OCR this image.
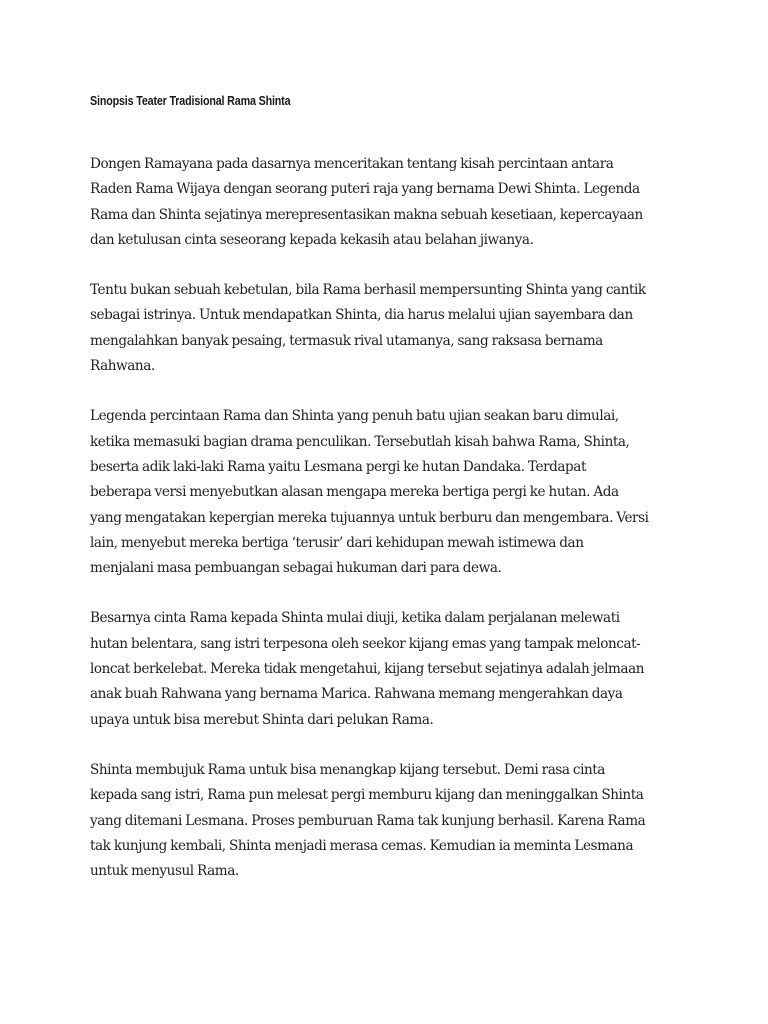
Sinopsis Teater Tradisional Rama Shinta

Dongen Ramayana pada dasarnya menceritakan tentang kisah percintaan antara
Raden Rama Wijaya dengan seorang puteri raja yang bernama Dewi Shinta. Legenda
Rama dan Shinta sejatinya merepresentasikan makna sebuah kesetiaan, kepercayaan
dan ketulusan cinta seseorang kepada kekasih atau belahan jiwanya.

Tentu bukan sebuah kebetulan, bila Rama berhasil mempersunting Shinta yang cantik
sebagai istrinya. Untuk mendapatkan Shinta, dia harus melalui ujian sayembara dan
mengalahkan banyak pesaing, termasuk rival utamanya, sang raksasa bernama
Rahwana.

Legenda percintaan Rama dan Shinta yang penuh batu ujian seakan baru dimulai,
ketika memasuki bagian drama penculikan. Tersebutlah kisah bahwa Rama, Shinta,
beserta adik laki-laki Rama yaitu Lesmana pergi ke hutan Dandaka. Terdapat
beberapa versi menyebutkan alasan mengapa mereka bertiga pergi ke hutan. Ada
yang mengatakan kepergian mereka tujuannya untuk berburu dan mengembara. Versi
lain, menyebut mereka bertiga ‘terusir’ dari kehidupan mewah istimewa dan
menjalani masa pembuangan sebagai hukuman dari para dewa.

Besarnya cinta Rama kepada Shinta mulai diuji, ketika dalam perjalanan melewati
hutan belentara, sang istri terpesona oleh seekor kijang emas yang tampak meloncat-
loncat berkelebat. Mereka tidak mengetahui, kijang tersebut sejatinya adalah jelmaan
anak buah Rahwana yang bernama Marica. Rahwana memang mengerahkan daya
upaya untuk bisa merebut Shinta dari pelukan Rama.

Shinta membujuk Rama untuk bisa menangkap kijang tersebut. Demi rasa cinta
kepada sang istri, Rama pun melesat pergi memburu kijang dan meninggalkan Shinta
yang ditemani Lesmana. Proses pemburuan Rama tak kunjung berhasil. Karena Rama
tak kunjung kembali, Shinta menjadi merasa cemas. Kemudian ia meminta Lesmana
untuk menyusul Rama.
